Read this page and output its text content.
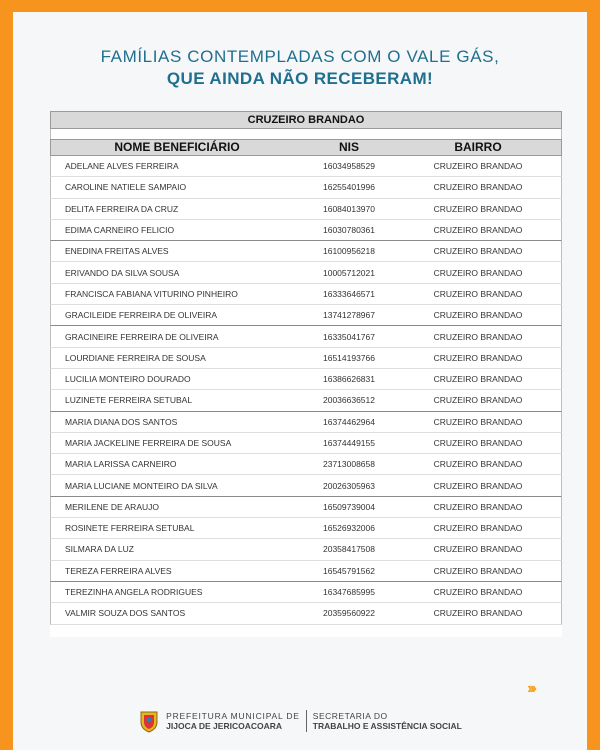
FAMÍLIAS CONTEMPLADAS COM O VALE GÁS,
QUE AINDA NÃO RECEBERAM!
CRUZEIRO BRANDAO
NOME BENEFICIÁRIO	NIS	BAIRRO
ADELANE ALVES FERREIRA	16034958529	CRUZEIRO BRANDAO
CAROLINE NATIELE SAMPAIO	16255401996	CRUZEIRO BRANDAO
DELITA FERREIRA DA CRUZ	16084013970	CRUZEIRO BRANDAO
EDIMA CARNEIRO FELICIO	16030780361	CRUZEIRO BRANDAO
ENEDINA FREITAS ALVES	16100956218	CRUZEIRO BRANDAO
ERIVANDO DA SILVA SOUSA	10005712021	CRUZEIRO BRANDAO
FRANCISCA FABIANA VITURINO PINHEIRO	16333646571	CRUZEIRO BRANDAO
GRACILEIDE FERREIRA DE OLIVEIRA	13741278967	CRUZEIRO BRANDAO
GRACINEIRE FERREIRA DE OLIVEIRA	16335041767	CRUZEIRO BRANDAO
LOURDIANE FERREIRA DE SOUSA	16514193766	CRUZEIRO BRANDAO
LUCILIA MONTEIRO DOURADO	16386626831	CRUZEIRO BRANDAO
LUZINETE FERREIRA SETUBAL	20036636512	CRUZEIRO BRANDAO
MARIA DIANA DOS SANTOS	16374462964	CRUZEIRO BRANDAO
MARIA JACKELINE FERREIRA DE SOUSA	16374449155	CRUZEIRO BRANDAO
MARIA LARISSA CARNEIRO	23713008658	CRUZEIRO BRANDAO
MARIA LUCIANE MONTEIRO DA SILVA	20026305963	CRUZEIRO BRANDAO
MERILENE DE ARAUJO	16509739004	CRUZEIRO BRANDAO
ROSINETE FERREIRA SETUBAL	16526932006	CRUZEIRO BRANDAO
SILMARA DA LUZ	20358417508	CRUZEIRO BRANDAO
TEREZA FERREIRA ALVES	16545791562	CRUZEIRO BRANDAO
TEREZINHA ANGELA RODRIGUES	16347685995	CRUZEIRO BRANDAO
VALMIR SOUZA DOS SANTOS	20359560922	CRUZEIRO BRANDAO
›››
PREFEITURA MUNICIPAL DE
JIJOCA DE JERICOACOARA
SECRETARIA DO
TRABALHO E ASSISTÊNCIA SOCIAL
